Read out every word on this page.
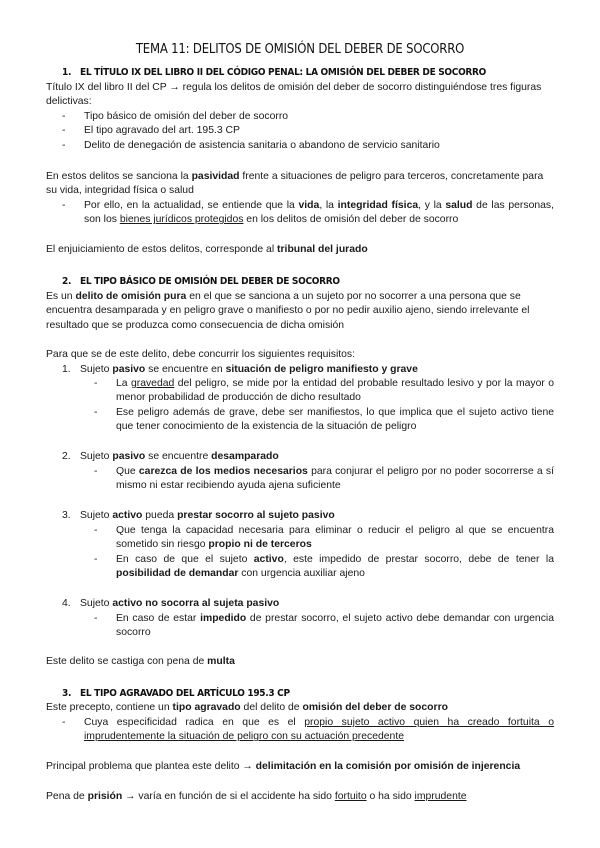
TEMA 11: DELITOS DE OMISIÓN DEL DEBER DE SOCORRO
1. EL TÍTULO IX DEL LIBRO II DEL CÓDIGO PENAL: LA OMISIÓN DEL DEBER DE SOCORRO

Título IX del libro II del CP → regula los delitos de omisión del deber de socorro distinguiéndose tres figuras delictivas:

- Tipo básico de omisión del deber de socorro
- El tipo agravado del art. 195.3 CP
- Delito de denegación de asistencia sanitaria o abandono de servicio sanitario

En estos delitos se sanciona la pasividad frente a situaciones de peligro para terceros, concretamente para su vida, integridad física o salud

- Por ello, en la actualidad, se entiende que la vida, la integridad física, y la salud de las personas, son los bienes jurídicos protegidos en los delitos de omisión del deber de socorro

El enjuiciamiento de estos delitos, corresponde al tribunal del jurado

2. EL TIPO BÁSICO DE OMISIÓN DEL DEBER DE SOCORRO

Es un delito de omisión pura en el que se sanciona a un sujeto por no socorrer a una persona que se encuentra desamparada y en peligro grave o manifiesto o por no pedir auxilio ajeno, siendo irrelevante el resultado que se produzca como consecuencia de dicha omisión

Para que se de este delito, debe concurrir los siguientes requisitos:

1. Sujeto pasivo se encuentre en situación de peligro manifiesto y grave
- La gravedad del peligro, se mide por la entidad del probable resultado lesivo y por la mayor o menor probabilidad de producción de dicho resultado
- Ese peligro además de grave, debe ser manifiestos, lo que implica que el sujeto activo tiene que tener conocimiento de la existencia de la situación de peligro
2. Sujeto pasivo se encuentre desamparado
- Que carezca de los medios necesarios para conjurar el peligro por no poder socorrerse a sí mismo ni estar recibiendo ayuda ajena suficiente
3. Sujeto activo pueda prestar socorro al sujeto pasivo
- Que tenga la capacidad necesaria para eliminar o reducir el peligro al que se encuentra sometido sin riesgo propio ni de terceros
- En caso de que el sujeto activo, este impedido de prestar socorro, debe de tener la posibilidad de demandar con urgencia auxiliar ajeno
4. Sujeto activo no socorra al sujeta pasivo
- En caso de estar impedido de prestar socorro, el sujeto activo debe demandar con urgencia socorro

Este delito se castiga con pena de multa

3. EL TIPO AGRAVADO DEL ARTÍCULO 195.3 CP

Este precepto, contiene un tipo agravado del delito de omisión del deber de socorro

- Cuya especificidad radica en que es el propio sujeto activo quien ha creado fortuita o imprudentemente la situación de peligro con su actuación precedente

Principal problema que plantea este delito → delimitación en la comisión por omisión de injerencia

Pena de prisión → varía en función de si el accidente ha sido fortuito o ha sido imprudente
